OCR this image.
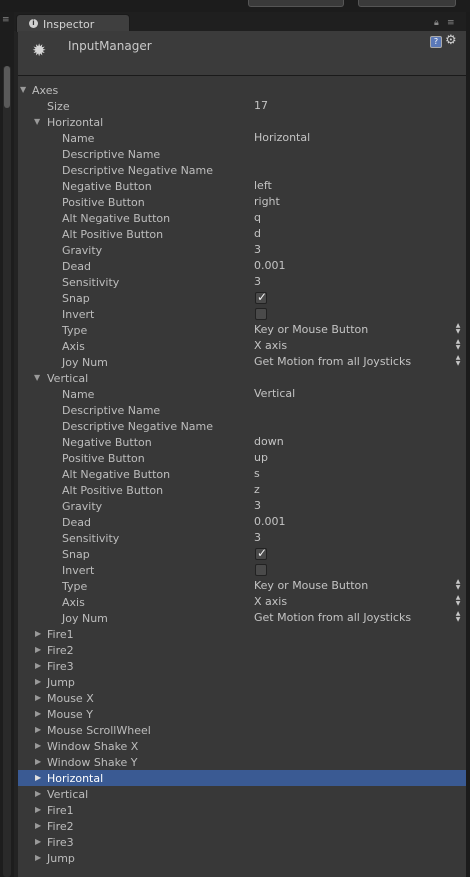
≡	i Inspector	🔒︎ ≡
✹ InputManager	? ⚙
▼ Axes
Size	17
▼ Horizontal
Name	Horizontal
Descriptive Name
Descriptive Negative Name
Negative Button	left
Positive Button	right
Alt Negative Button	q
Alt Positive Button	d
Gravity	3
Dead	0.001
Sensitivity	3
Snap	✓
Invert
Type	Key or Mouse Button	▲
▼
Axis	X axis	▲
▼
Joy Num	Get Motion from all Joysticks	▲
▼
▼ Vertical
Name	Vertical
Descriptive Name
Descriptive Negative Name
Negative Button	down
Positive Button	up
Alt Negative Button	s
Alt Positive Button	z
Gravity	3
Dead	0.001
Sensitivity	3
Snap	✓
Invert
Type	Key or Mouse Button	▲
▼
Axis	X axis	▲
▼
Joy Num	Get Motion from all Joysticks	▲
▼
▶ Fire1
▶ Fire2
▶ Fire3
▶ Jump
▶ Mouse X
▶ Mouse Y
▶ Mouse ScrollWheel
▶ Window Shake X
▶ Window Shake Y
▶ Horizontal
▶ Vertical
▶ Fire1
▶ Fire2
▶ Fire3
▶ Jump
